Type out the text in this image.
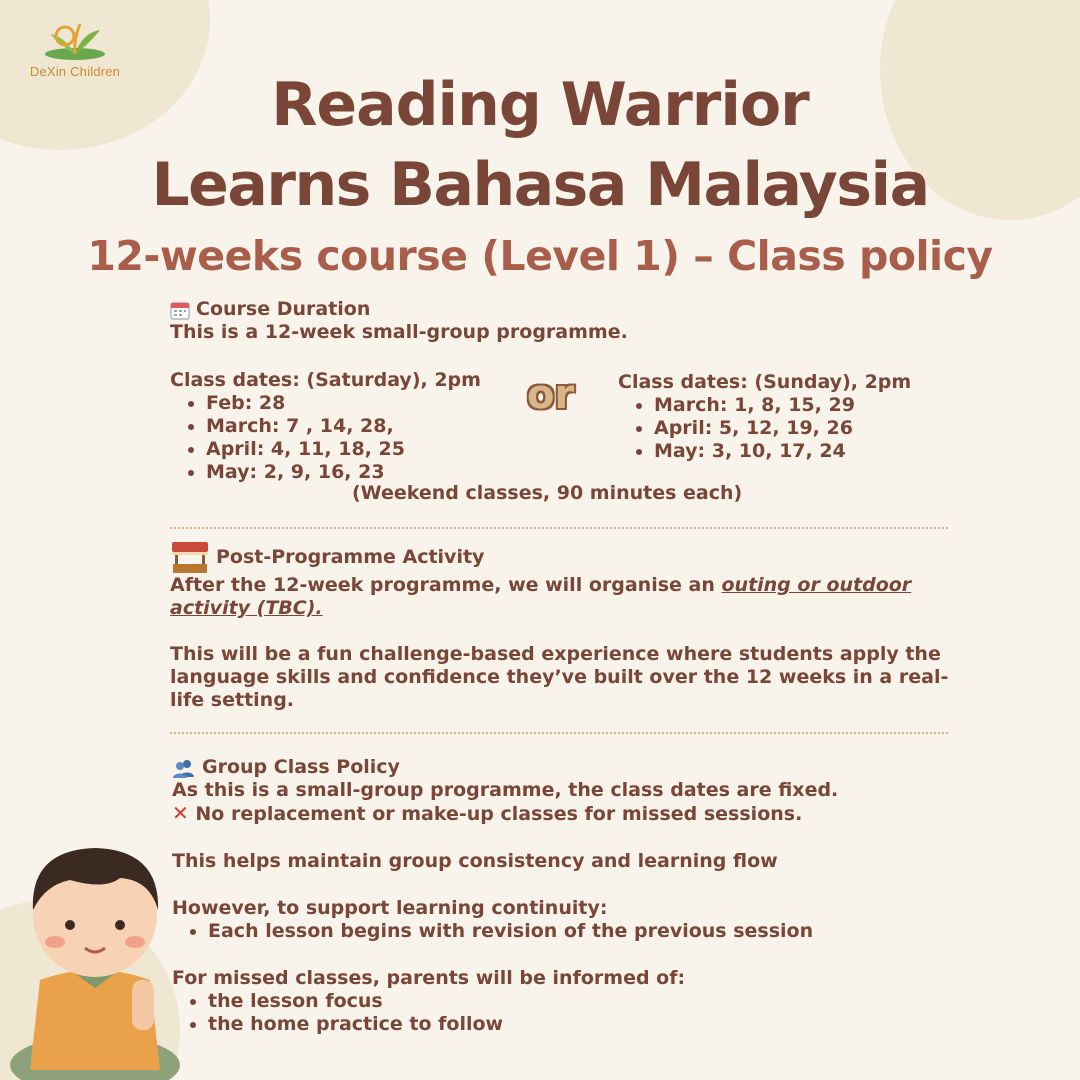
DeXin Children	Reading Warrior
Learns Bahasa Malaysia
12-weeks course (Level 1) – Class policy
Course Duration

This is a 12-week small-group programme.

Class dates: (Saturday), 2pm

• Feb: 28
• March: 7 , 14, 28,
• April: 4, 11, 18, 25
• May: 2, 9, 16, 23
or Class dates: (Sunday), 2pm

• March: 1, 8, 15, 29
• April: 5, 12, 19, 26
• May: 3, 10, 17, 24
(Weekend classes, 90 minutes each)
Post-Programme Activity

After the 12-week programme, we will organise an outing or outdoor

activity (TBC).

This will be a fun challenge-based experience where students apply the language skills and confidence they’ve built over the 12 weeks in a real-life setting.

Group Class Policy

As this is a small-group programme, the class dates are fixed.

✕ No replacement or make-up classes for missed sessions.

This helps maintain group consistency and learning flow

However, to support learning continuity:

• Each lesson begins with revision of the previous session

For missed classes, parents will be informed of:

• the lesson focus
• the home practice to follow
